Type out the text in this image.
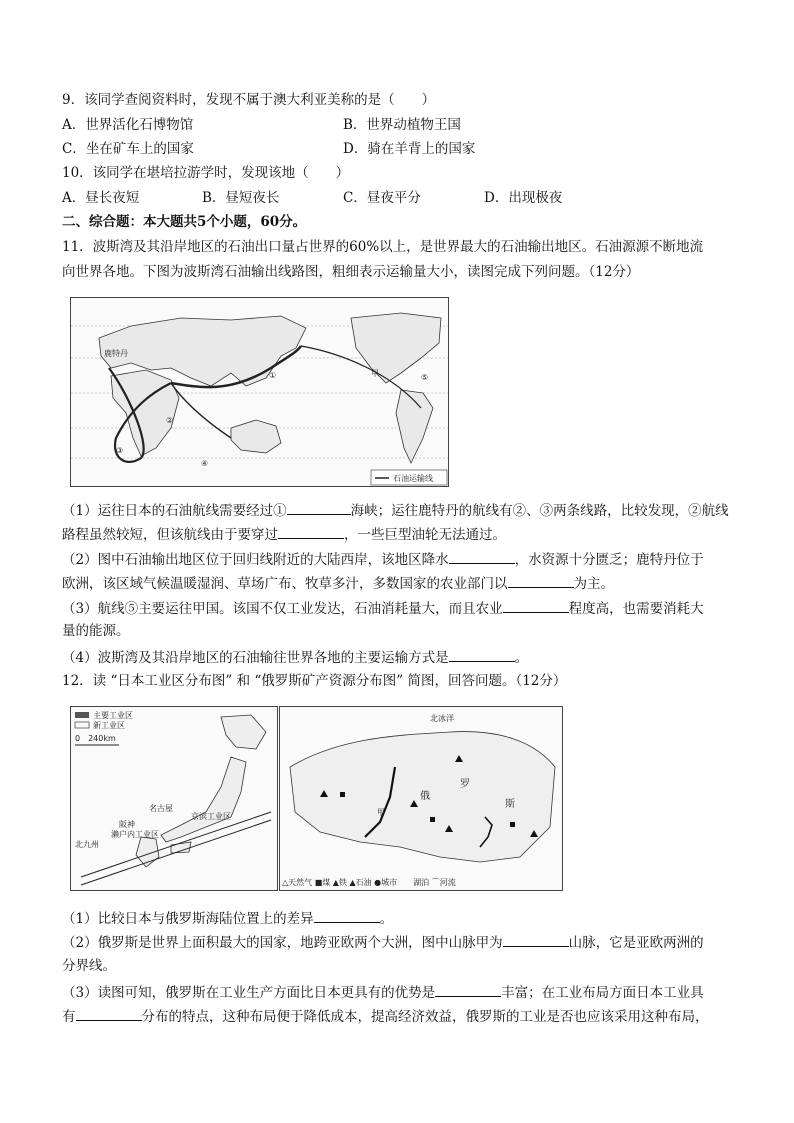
9．该同学查阅资料时，发现不属于澳大利亚美称的是（　　）
A．世界活化石博物馆	B．世界动植物王国
C．坐在矿车上的国家	D．骑在羊背上的国家
10．该同学在堪培拉游学时，发现该地（　　）
A．昼长夜短	B．昼短夜长	C．昼夜平分	D．出现极夜
二、综合题：本大题共5个小题，60分。
11．波斯湾及其沿岸地区的石油出口量占世界的60%以上，是世界最大的石油输出地区。石油源源不断地流
向世界各地。下图为波斯湾石油输出线路图，粗细表示运输量大小，读图完成下列问题。（12分）
鹿特丹
甲
①
②
③
④
⑤
石油运输线
（1）运往日本的石油航线需要经过①	海峡；运往鹿特丹的航线有②、③两条线路，比较发现，②航线
路程虽然较短，但该航线由于要穿过	，一些巨型油轮无法通过。
（2）图中石油输出地区位于回归线附近的大陆西岸，该地区降水	，水资源十分匮乏；鹿特丹位于
欧洲，该区域气候温暖湿润、草场广布、牧草多汁，多数国家的农业部门以	为主。
（3）航线⑤主要运往甲国。该国不仅工业发达，石油消耗量大，而且农业	程度高，也需要消耗大
量的能源。
（4）波斯湾及其沿岸地区的石油输往世界各地的主要运输方式是	。
12．读 “日本工业区分布图” 和 “俄罗斯矿产资源分布图” 简图，回答问题。（12分）
主要工业区
新工业区
0　240km
名古屋
京滨工业区
阪神
濑户内工业区
北九州
北冰洋
甲
俄
罗
斯
△天然气 ■煤 ▲铁 ▲石油 ●城市　　湖泊 ⌒河流
（1）比较日本与俄罗斯海陆位置上的差异	。
（2）俄罗斯是世界上面积最大的国家，地跨亚欧两个大洲，图中山脉甲为	山脉，它是亚欧两洲的
分界线。
（3）读图可知，俄罗斯在工业生产方面比日本更具有的优势是	丰富；在工业布局方面日本工业具
有	分布的特点，这种布局便于降低成本，提高经济效益，俄罗斯的工业是否也应该采用这种布局，
